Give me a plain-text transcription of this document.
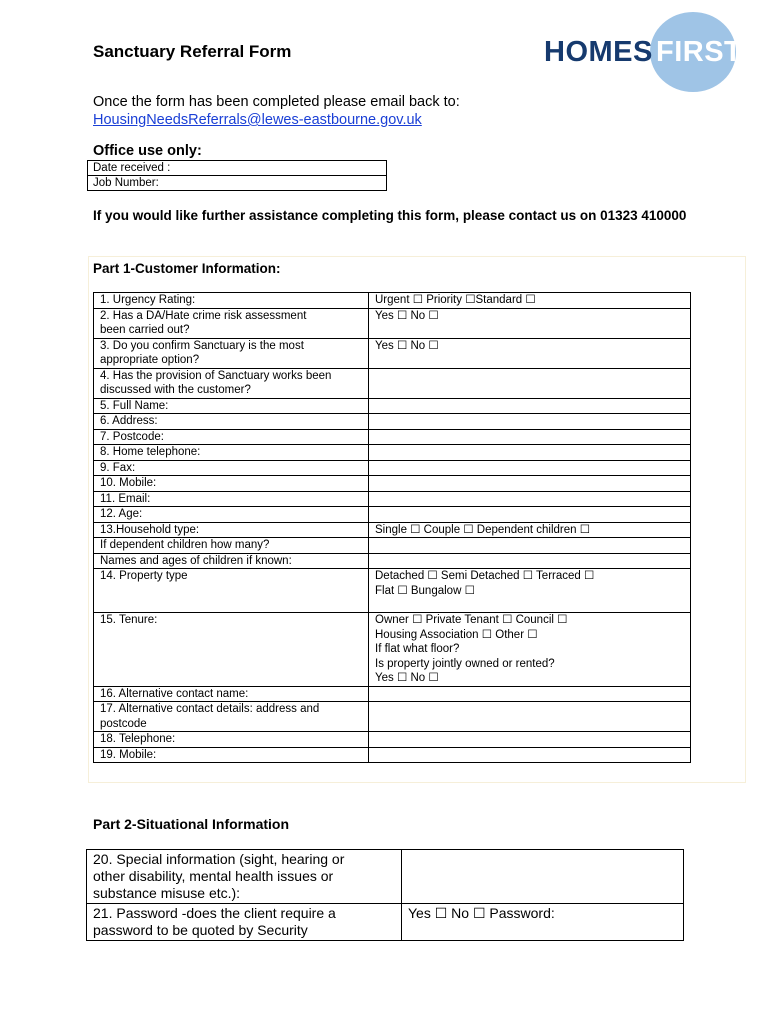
Sanctuary Referral Form	HOMES FIRST
Once the form has been completed please email back to:
HousingNeedsReferrals@lewes-eastbourne.gov.uk
Office use only:
Date received :
Job Number:
If you would like further assistance completing this form, please contact us on 01323 410000
Part 1-Customer Information:
1. Urgency Rating:	Urgent ☐ Priority ☐Standard ☐

2. Has a DA/Hate crime risk assessment
been carried out?	Yes ☐ No ☐

3. Do you confirm Sanctuary is the most
appropriate option?	Yes ☐ No ☐

4. Has the provision of Sanctuary works been
discussed with the customer?	

5. Full Name:	

6. Address:	

7. Postcode:	

8. Home telephone:	

9. Fax:	

10. Mobile:	

11. Email:	

12. Age:	

13.Household type:	Single ☐ Couple ☐ Dependent children ☐

If dependent children how many?	

Names and ages of children if known:	

14. Property type	Detached ☐ Semi Detached ☐ Terraced ☐
Flat ☐ Bungalow ☐

15. Tenure:	Owner ☐ Private Tenant ☐ Council ☐
Housing Association ☐ Other ☐
If flat what floor?
Is property jointly owned or rented?
Yes ☐ No ☐

16. Alternative contact name:	

17. Alternative contact details: address and
postcode	

18. Telephone:	

19. Mobile:	

Part 2-Situational Information
20. Special information (sight, hearing or
other disability, mental health issues or
substance misuse etc.):	

21. Password -does the client require a
password to be quoted by Security	Yes ☐ No ☐ Password:
